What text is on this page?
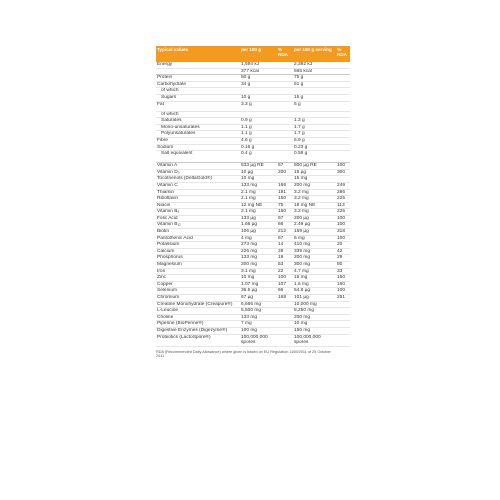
Typical values	per 100 g	% RDA	per 150 g serving	% RDA
Energy	1,594 kJ		2,392 kJ	
	377 kcal		565 kcal	
Protein	50 g		75 g	
Carbohydrate	34 g		51 g	
of which				
Sugars	10 g		15 g	
Fat	3.3 g		5 g	
of which				
Saturates	0.9 g		1.3 g	
Mono-unsaturates	1.1 g		1.7 g	
Polyunsaturates	1.1 g		1.7 g	
Fibre	4.6 g		6.9 g	
Sodium	0.16 g		0.23 g	
Salt equivalent	0.4 g		0.58 g	
Vitamin A	533 µg RE	67	800 µg RE	100
Vitamin D₃	10 µg	200	15 µg	300
Tocotrienols (DeltaGold®)	10 mg		15 mg	
Vitamin C	133 mg	166	200 mg	249
Thiamin	2.1 mg	191	3.2 mg	286
Riboflavin	2.1 mg	150	3.2 mg	225
Niacin	12 mg NE	75	18 mg NE	113
Vitamin B₆	2.1 mg	150	3.2 mg	225
Folic Acid	133 µg	67	200 µg	100
Vitamin B₁₂	1.66 µg	66	2.49 µg	100
Biotin	106 µg	212	159 µg	318
Pantothenic Acid	4 mg	67	6 mg	100
Potassium	273 mg	14	410 mg	20
Calcium	226 mg	28	339 mg	42
Phosphorus	133 mg	19	200 mg	29
Magnesium	200 mg	53	300 mg	80
Iron	3.1 mg	22	4.7 mg	33
Zinc	10 mg	100	15 mg	150
Copper	1.07 mg	107	1.6 mg	160
Selenium	36.5 µg	66	54.8 µg	100
Chromium	67 µg	168	101 µg	251
Creatine Monohydrate (Creapure®)	6,666 mg		10,000 mg	
L-Leucine	5,500 mg		8,250 mg	
Choline	133 mg		200 mg	
Piperine (BioPerine®)	7 mg		10 mg	
Digestive Enzymes (Digezyme®)	100 mg		150 mg	
Probiotics (LactoSpore®)	100,000,000 spores		100,000,000 spores	
RDA (Recommended Daily Allowance) where given is based on EU Regulation 1169/2011 of 25 October 2011
